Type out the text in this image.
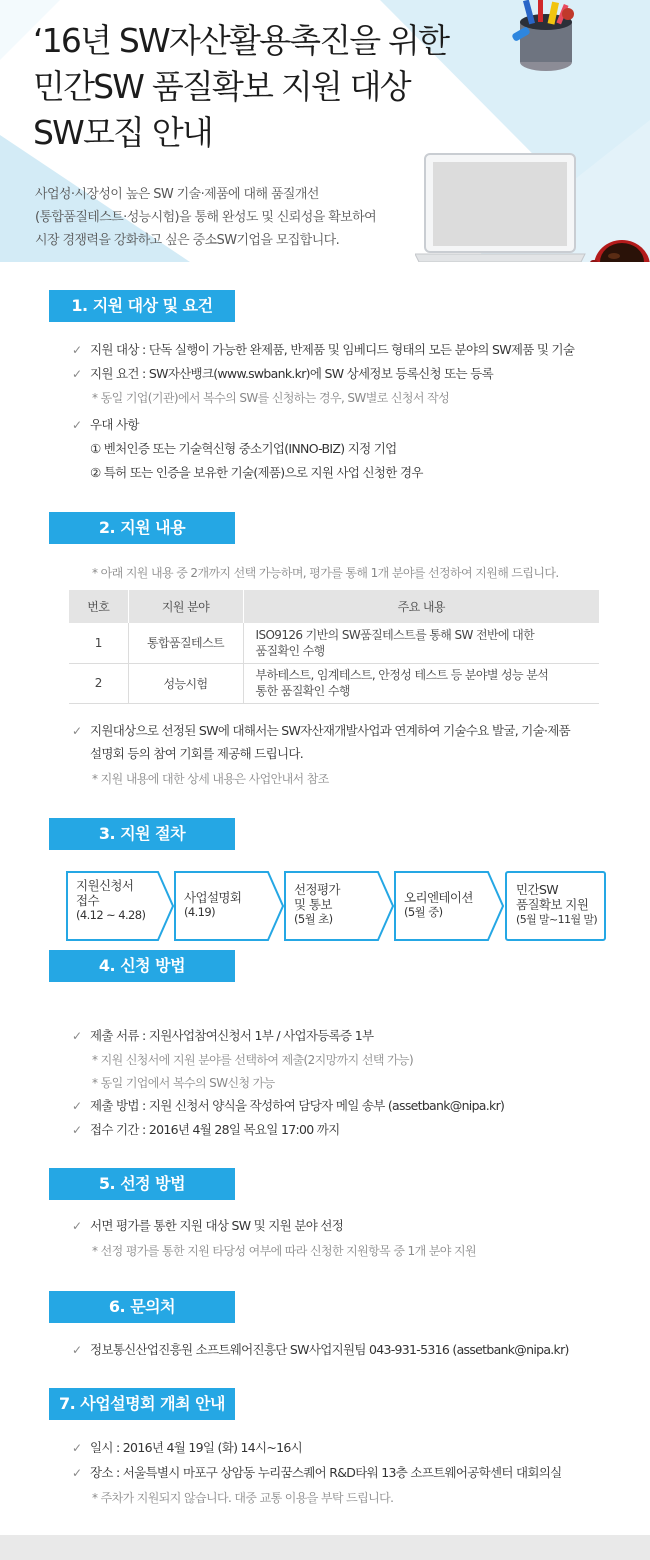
‘16년 SW자산활용촉진을 위한
민간SW 품질확보 지원 대상
SW모집 안내
사업성·시장성이 높은 SW 기술·제품에 대해 품질개선
(통합품질테스트·성능시험)을 통해 완성도 및 신뢰성을 확보하여
시장 경쟁력을 강화하고 싶은 중소SW기업을 모집합니다.
1. 지원 대상 및 요건
✓ 지원 대상 : 단독 실행이 가능한 완제품, 반제품 및 임베디드 형태의 모든 분야의 SW제품 및 기술
✓ 지원 요건 : SW자산뱅크(www.swbank.kr)에 SW 상세정보 등록신청 또는 등록
* 동일 기업(기관)에서 복수의 SW를 신청하는 경우, SW별로 신청서 작성
✓ 우대 사항
① 벤처인증 또는 기술혁신형 중소기업(INNO-BIZ) 지정 기업
② 특허 또는 인증을 보유한 기술(제품)으로 지원 사업 신청한 경우
2. 지원 내용
* 아래 지원 내용 중 2개까지 선택 가능하며, 평가를 통해 1개 분야를 선정하여 지원해 드립니다.
번호	지원 분야	주요 내용
1	통합품질테스트	ISO9126 기반의 SW품질테스트를 통해 SW 전반에 대한
품질확인 수행

2	성능시험	부하테스트, 임계테스트, 안정성 테스트 등 분야별 성능 분석
통한 품질확인 수행
✓ 지원대상으로 선정된 SW에 대해서는 SW자산재개발사업과 연계하여 기술수요 발굴, 기술·제품
설명회 등의 참여 기회를 제공해 드립니다.
* 지원 내용에 대한 상세 내용은 사업안내서 참조
3. 지원 절차
지원신청서
접수
(4.12 ~ 4.28)
사업설명회
(4.19)
선정평가
및 통보
(5월 초)
오리엔테이션
(5월 중)
민간SW
품질확보 지원
(5월 말~11월 말)
4. 신청 방법
✓ 제출 서류 : 지원사업참여신청서 1부 / 사업자등록증 1부
* 지원 신청서에 지원 분야를 선택하여 제출(2지망까지 선택 가능)
* 동일 기업에서 복수의 SW신청 가능
✓ 제출 방법 : 지원 신청서 양식을 작성하여 담당자 메일 송부 (assetbank@nipa.kr)
✓ 접수 기간 : 2016년 4월 28일 목요일 17:00 까지
5. 선정 방법
✓ 서면 평가를 통한 지원 대상 SW 및 지원 분야 선정
* 선정 평가를 통한 지원 타당성 여부에 따라 신청한 지원항목 중 1개 분야 지원
6. 문의처
✓ 정보통신산업진흥원 소프트웨어진흥단 SW사업지원팀 043-931-5316 (assetbank@nipa.kr)
7. 사업설명회 개최 안내
✓ 일시 : 2016년 4월 19일 (화) 14시~16시
✓ 장소 : 서울특별시 마포구 상암동 누리꿈스퀘어 R&D타워 13층 소프트웨어공학센터 대회의실
* 주차가 지원되지 않습니다. 대중 교통 이용을 부탁 드립니다.
